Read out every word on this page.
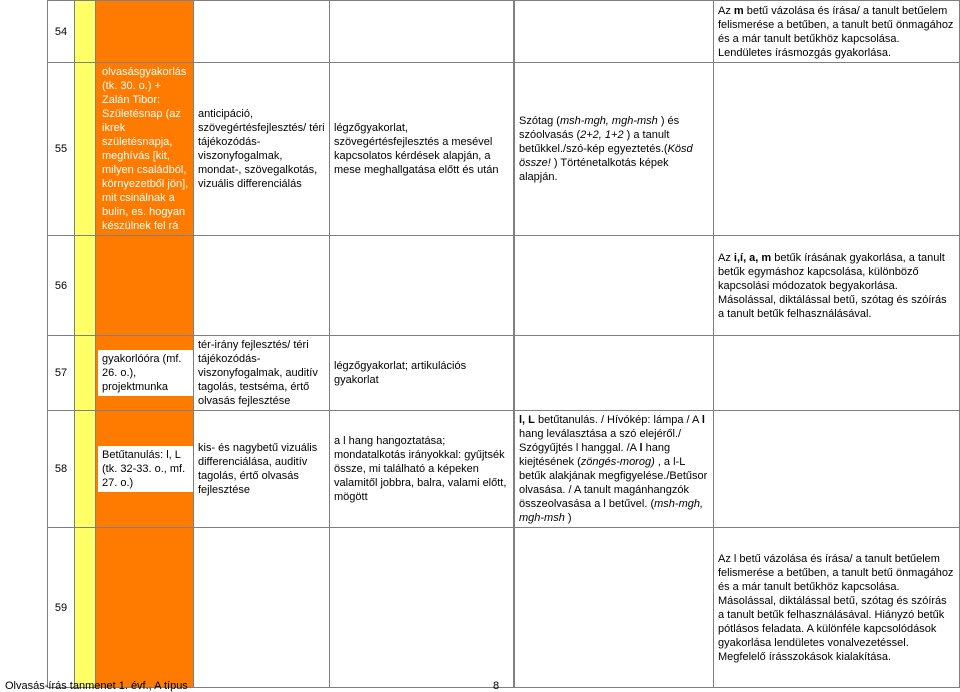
54							Az m betű vázolása és írása/ a tanult betűelem felismerése a betűben, a tanult betű önmagához és a már tanult betűkhöz kapcsolása. Lendületes írásmozgás gyakorlása.
55		olvasásgyakorlás (tk. 30. o.) + Zalán Tibor: Születésnap (az ikrek születésnapja, meghívás [kit, milyen családból, környezetből jön], mit csinálnak a bulin, es. hogyan készülnek fel rá	anticipáció, szövegértésfejlesztés/ téri tájékozódás-viszonyfogalmak, mondat-, szövegalkotás, vizuális differenciálás	légzőgyakorlat, szövegértésfejlesztés a mesével kapcsolatos kérdések alapján, a mese meghallgatása előtt és után		Szótag (msh-mgh, mgh-msh ) és szóolvasás (2+2, 1+2 ) a tanult betűkkel./szó-kép egyeztetés.(Kösd össze! ) Történetalkotás képek alapján.	
56							Az i,í, a, m betűk írásának gyakorlása, a tanult betűk egymáshoz kapcsolása, különböző kapcsolási módozatok begyakorlása. Másolással, diktálással betű, szótag és szóírás a tanult betűk felhasználásával.
57		gyakorlóóra (mf. 26. o.), projektmunka	tér-irány fejlesztés/ téri tájékozódás-viszonyfogalmak, auditív tagolás, testséma, értő olvasás fejlesztése	légzőgyakorlat; artikulációs gyakorlat			
58		Betűtanulás: l, L (tk. 32-33. o., mf. 27. o.)	kis- és nagybetű vizuális differenciálása, auditív tagolás, értő olvasás fejlesztése	a l hang hangoztatása; mondatalkotás irányokkal: gyűjtsék össze, mi található a képeken valamitől jobbra, balra, valami előtt, mögött		l, L betűtanulás. / Hívókép: lámpa / A l hang leválasztása a szó elejéről./ Szógyűjtés l hanggal. /A l hang kiejtésének (zöngés-morog) , a l-L betűk alakjának megfigyelése./Betűsor olvasása. / A tanult magánhangzók összeolvasása a l betűvel. (msh-mgh, mgh-msh )	
59							Az l betű vázolása és írása/ a tanult betűelem felismerése a betűben, a tanult betű önmagához és a már tanult betűkhöz kapcsolása. Másolással, diktálással betű, szótag és szóírás a tanult betűk felhasználásával. Hiányzó betűk pótlásos feladata. A különféle kapcsolódások gyakorlása lendületes vonalvezetéssel. Megfelelő írásszokások kialakítása.
Olvasás-írás tanmenet 1. évf., A típus	8
